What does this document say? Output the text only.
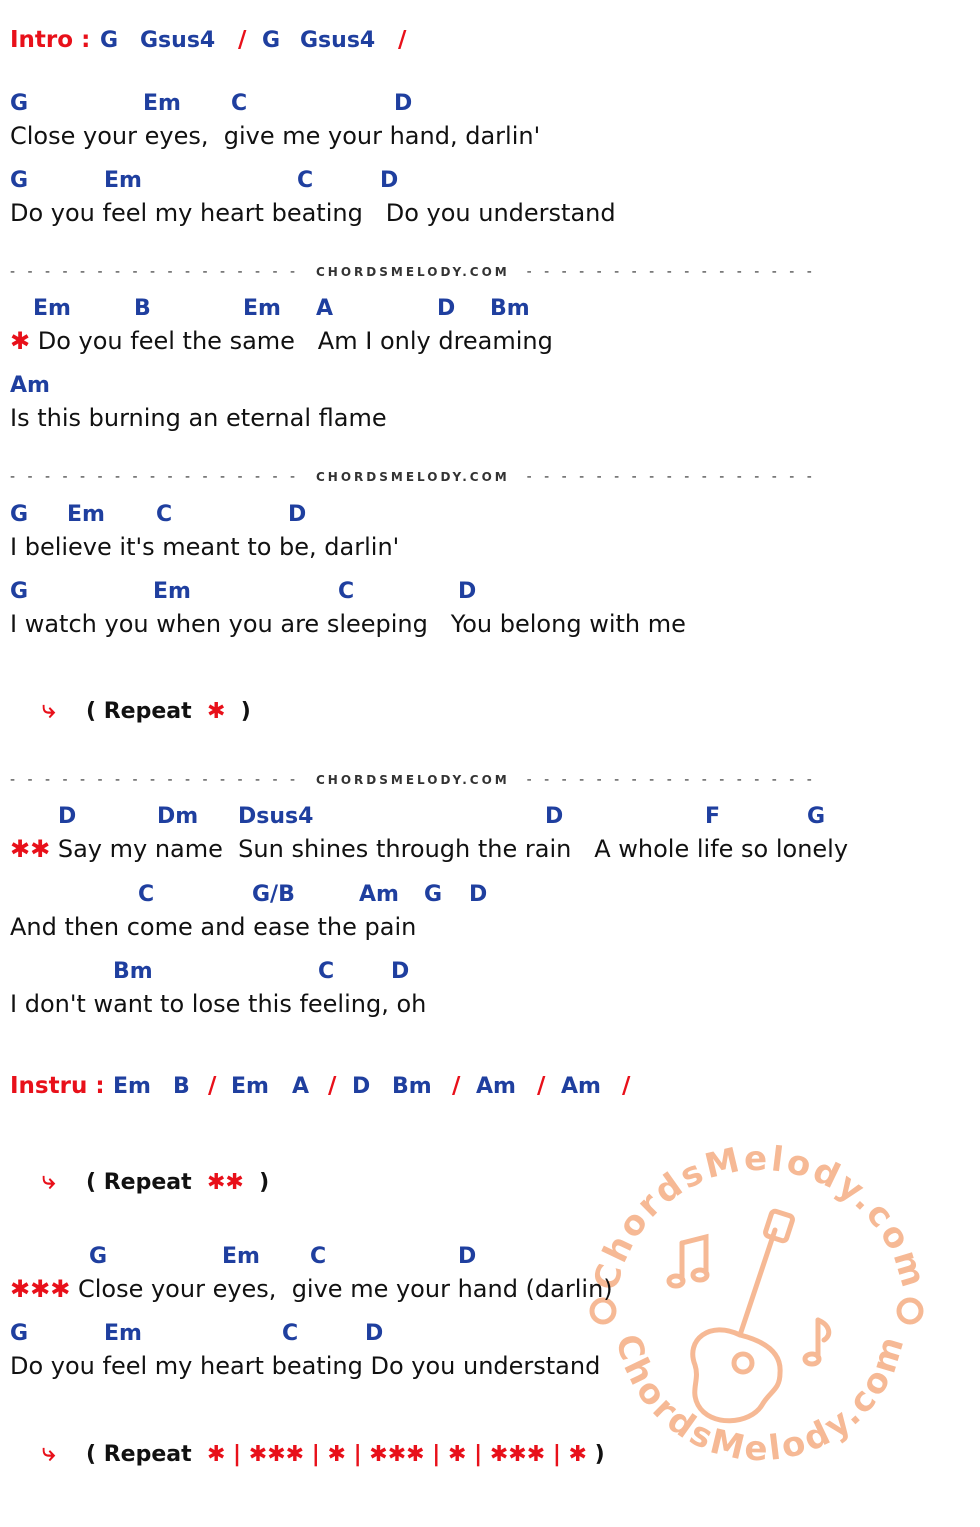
Intro : G Gsus4 / G Gsus4 /
G	Em C	D
Close your eyes,  give me your hand, darlin'
G	Em	C	D
Do you feel my heart beating   Do you understand
- - - - - - - - - - - - - - - - - CHORDSMELODY.COM - - - - - - - - - - - - - - - - -
Em	B	Em A	D Bm
✱ Do you feel the same   Am I only dreaming
Am
Is this burning an eternal flame
- - - - - - - - - - - - - - - - - CHORDSMELODY.COM - - - - - - - - - - - - - - - - -
G Em C	D
I believe it's meant to be, darlin'
G	Em	C	D
I watch you when you are sleeping   You belong with me
⤷ ( Repeat ✱ )
- - - - - - - - - - - - - - - - - CHORDSMELODY.COM - - - - - - - - - - - - - - - - -
D	Dm Dsus4	D	F	G
✱✱ Say my name  Sun shines through the rain   A whole life so lonely
C	G/B	Am G D
And then come and ease the pain
Bm	C	D
I don't want to lose this feeling, oh
Instru : Em B / Em A / D Bm / Am / Am /
ChordsMelody.com
ChordsMelody.com
⤷ ( Repeat ✱✱ )
G	Em C	D
✱✱✱ Close your eyes,  give me your hand (darlin)
G	Em	C	D
Do you feel my heart beating Do you understand
⤷ ( Repeat ✱ | ✱✱✱ | ✱ | ✱✱✱ | ✱ | ✱✱✱ | ✱ )
